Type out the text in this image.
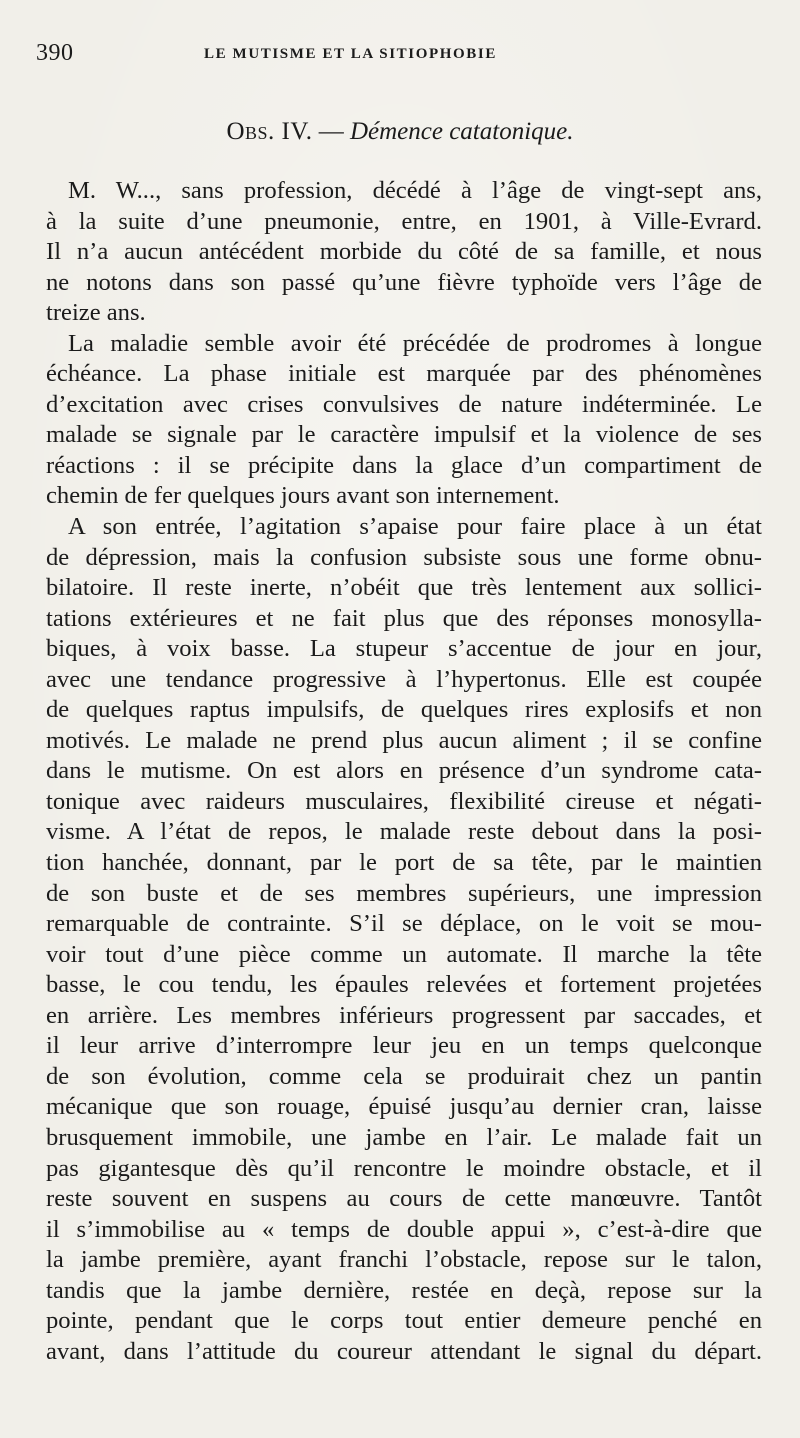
390	LE MUTISME ET LA SITIOPHOBIE
Obs. IV. — Démence catatonique.
M. W..., sans profession, décédé à l’âge de vingt-sept ans,
à la suite d’une pneumonie, entre, en 1901, à Ville-Evrard.
Il n’a aucun antécédent morbide du côté de sa famille, et nous
ne notons dans son passé qu’une fièvre typhoïde vers l’âge de
treize ans.
La maladie semble avoir été précédée de prodromes à longue
échéance. La phase initiale est marquée par des phénomènes
d’excitation avec crises convulsives de nature indéterminée. Le
malade se signale par le caractère impulsif et la violence de ses
réactions : il se précipite dans la glace d’un compartiment de
chemin de fer quelques jours avant son internement.
A son entrée, l’agitation s’apaise pour faire place à un état
de dépression, mais la confusion subsiste sous une forme obnu-
bilatoire. Il reste inerte, n’obéit que très lentement aux sollici-
tations extérieures et ne fait plus que des réponses monosylla-
biques, à voix basse. La stupeur s’accentue de jour en jour,
avec une tendance progressive à l’hypertonus. Elle est coupée
de quelques raptus impulsifs, de quelques rires explosifs et non
motivés. Le malade ne prend plus aucun aliment ; il se confine
dans le mutisme. On est alors en présence d’un syndrome cata-
tonique avec raideurs musculaires, flexibilité cireuse et négati-
visme. A l’état de repos, le malade reste debout dans la posi-
tion hanchée, donnant, par le port de sa tête, par le maintien
de son buste et de ses membres supérieurs, une impression
remarquable de contrainte. S’il se déplace, on le voit se mou-
voir tout d’une pièce comme un automate. Il marche la tête
basse, le cou tendu, les épaules relevées et fortement projetées
en arrière. Les membres inférieurs progressent par saccades, et
il leur arrive d’interrompre leur jeu en un temps quelconque
de son évolution, comme cela se produirait chez un pantin
mécanique que son rouage, épuisé jusqu’au dernier cran, laisse
brusquement immobile, une jambe en l’air. Le malade fait un
pas gigantesque dès qu’il rencontre le moindre obstacle, et il
reste souvent en suspens au cours de cette manœuvre. Tantôt
il s’immobilise au « temps de double appui », c’est-à-dire que
la jambe première, ayant franchi l’obstacle, repose sur le talon,
tandis que la jambe dernière, restée en deçà, repose sur la
pointe, pendant que le corps tout entier demeure penché en
avant, dans l’attitude du coureur attendant le signal du départ.
